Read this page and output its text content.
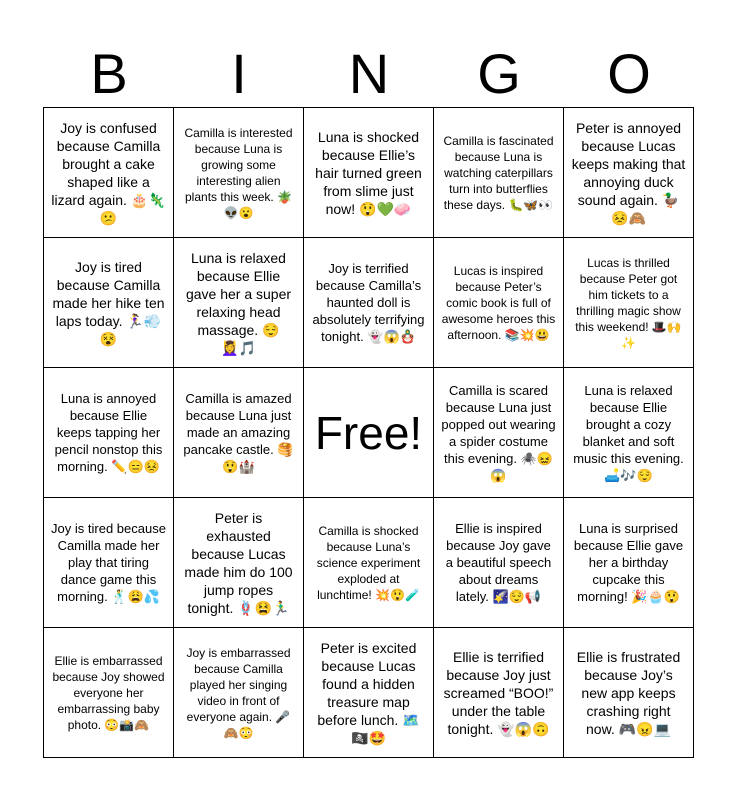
B	I	N	G	O
Joy is confused because Camilla brought a cake shaped like a lizard again. 🎂🦎😕
Camilla is interested because Luna is growing some interesting alien plants this week. 🪴👽😮
Luna is shocked because Ellie’s hair turned green from slime just now! 😲💚🧼
Camilla is fascinated because Luna is watching caterpillars turn into butterflies these days. 🐛🦋👀
Peter is annoyed because Lucas keeps making that annoying duck sound again. 🦆😣🙈
Joy is tired because Camilla made her hike ten laps today. 🏃‍♀️💨😵
Luna is relaxed because Ellie gave her a super relaxing head massage. 😌💆‍♀️🎵
Joy is terrified because Camilla’s haunted doll is absolutely terrifying tonight. 👻😱🪆
Lucas is inspired because Peter’s comic book is full of awesome heroes this afternoon. 📚💥😃
Lucas is thrilled because Peter got him tickets to a thrilling magic show this weekend! 🎩🙌✨
Luna is annoyed because Ellie keeps tapping her pencil nonstop this morning. ✏️😑😣
Camilla is amazed because Luna just made an amazing pancake castle. 🥞😲🏰
Free!
Camilla is scared because Luna just popped out wearing a spider costume this evening. 🕷️😖😱
Luna is relaxed because Ellie brought a cozy blanket and soft music this evening. 🛋️🎶😌
Joy is tired because Camilla made her play that tiring dance game this morning. 🕺😩💦
Peter is exhausted because Lucas made him do 100 jump ropes tonight. 🪢😫🏃‍♂️
Camilla is shocked because Luna’s science experiment exploded at lunchtime! 💥😲🧪
Ellie is inspired because Joy gave a beautiful speech about dreams lately. 🌠😌📢
Luna is surprised because Ellie gave her a birthday cupcake this morning! 🎉🧁😲
Ellie is embarrassed because Joy showed everyone her embarrassing baby photo. 😳📸🙈
Joy is embarrassed because Camilla played her singing video in front of everyone again. 🎤🙈😳
Peter is excited because Lucas found a hidden treasure map before lunch. 🗺️🏴‍☠️🤩
Ellie is terrified because Joy just screamed “BOO!” under the table tonight. 👻😱🙃
Ellie is frustrated because Joy’s new app keeps crashing right now. 🎮😠💻
